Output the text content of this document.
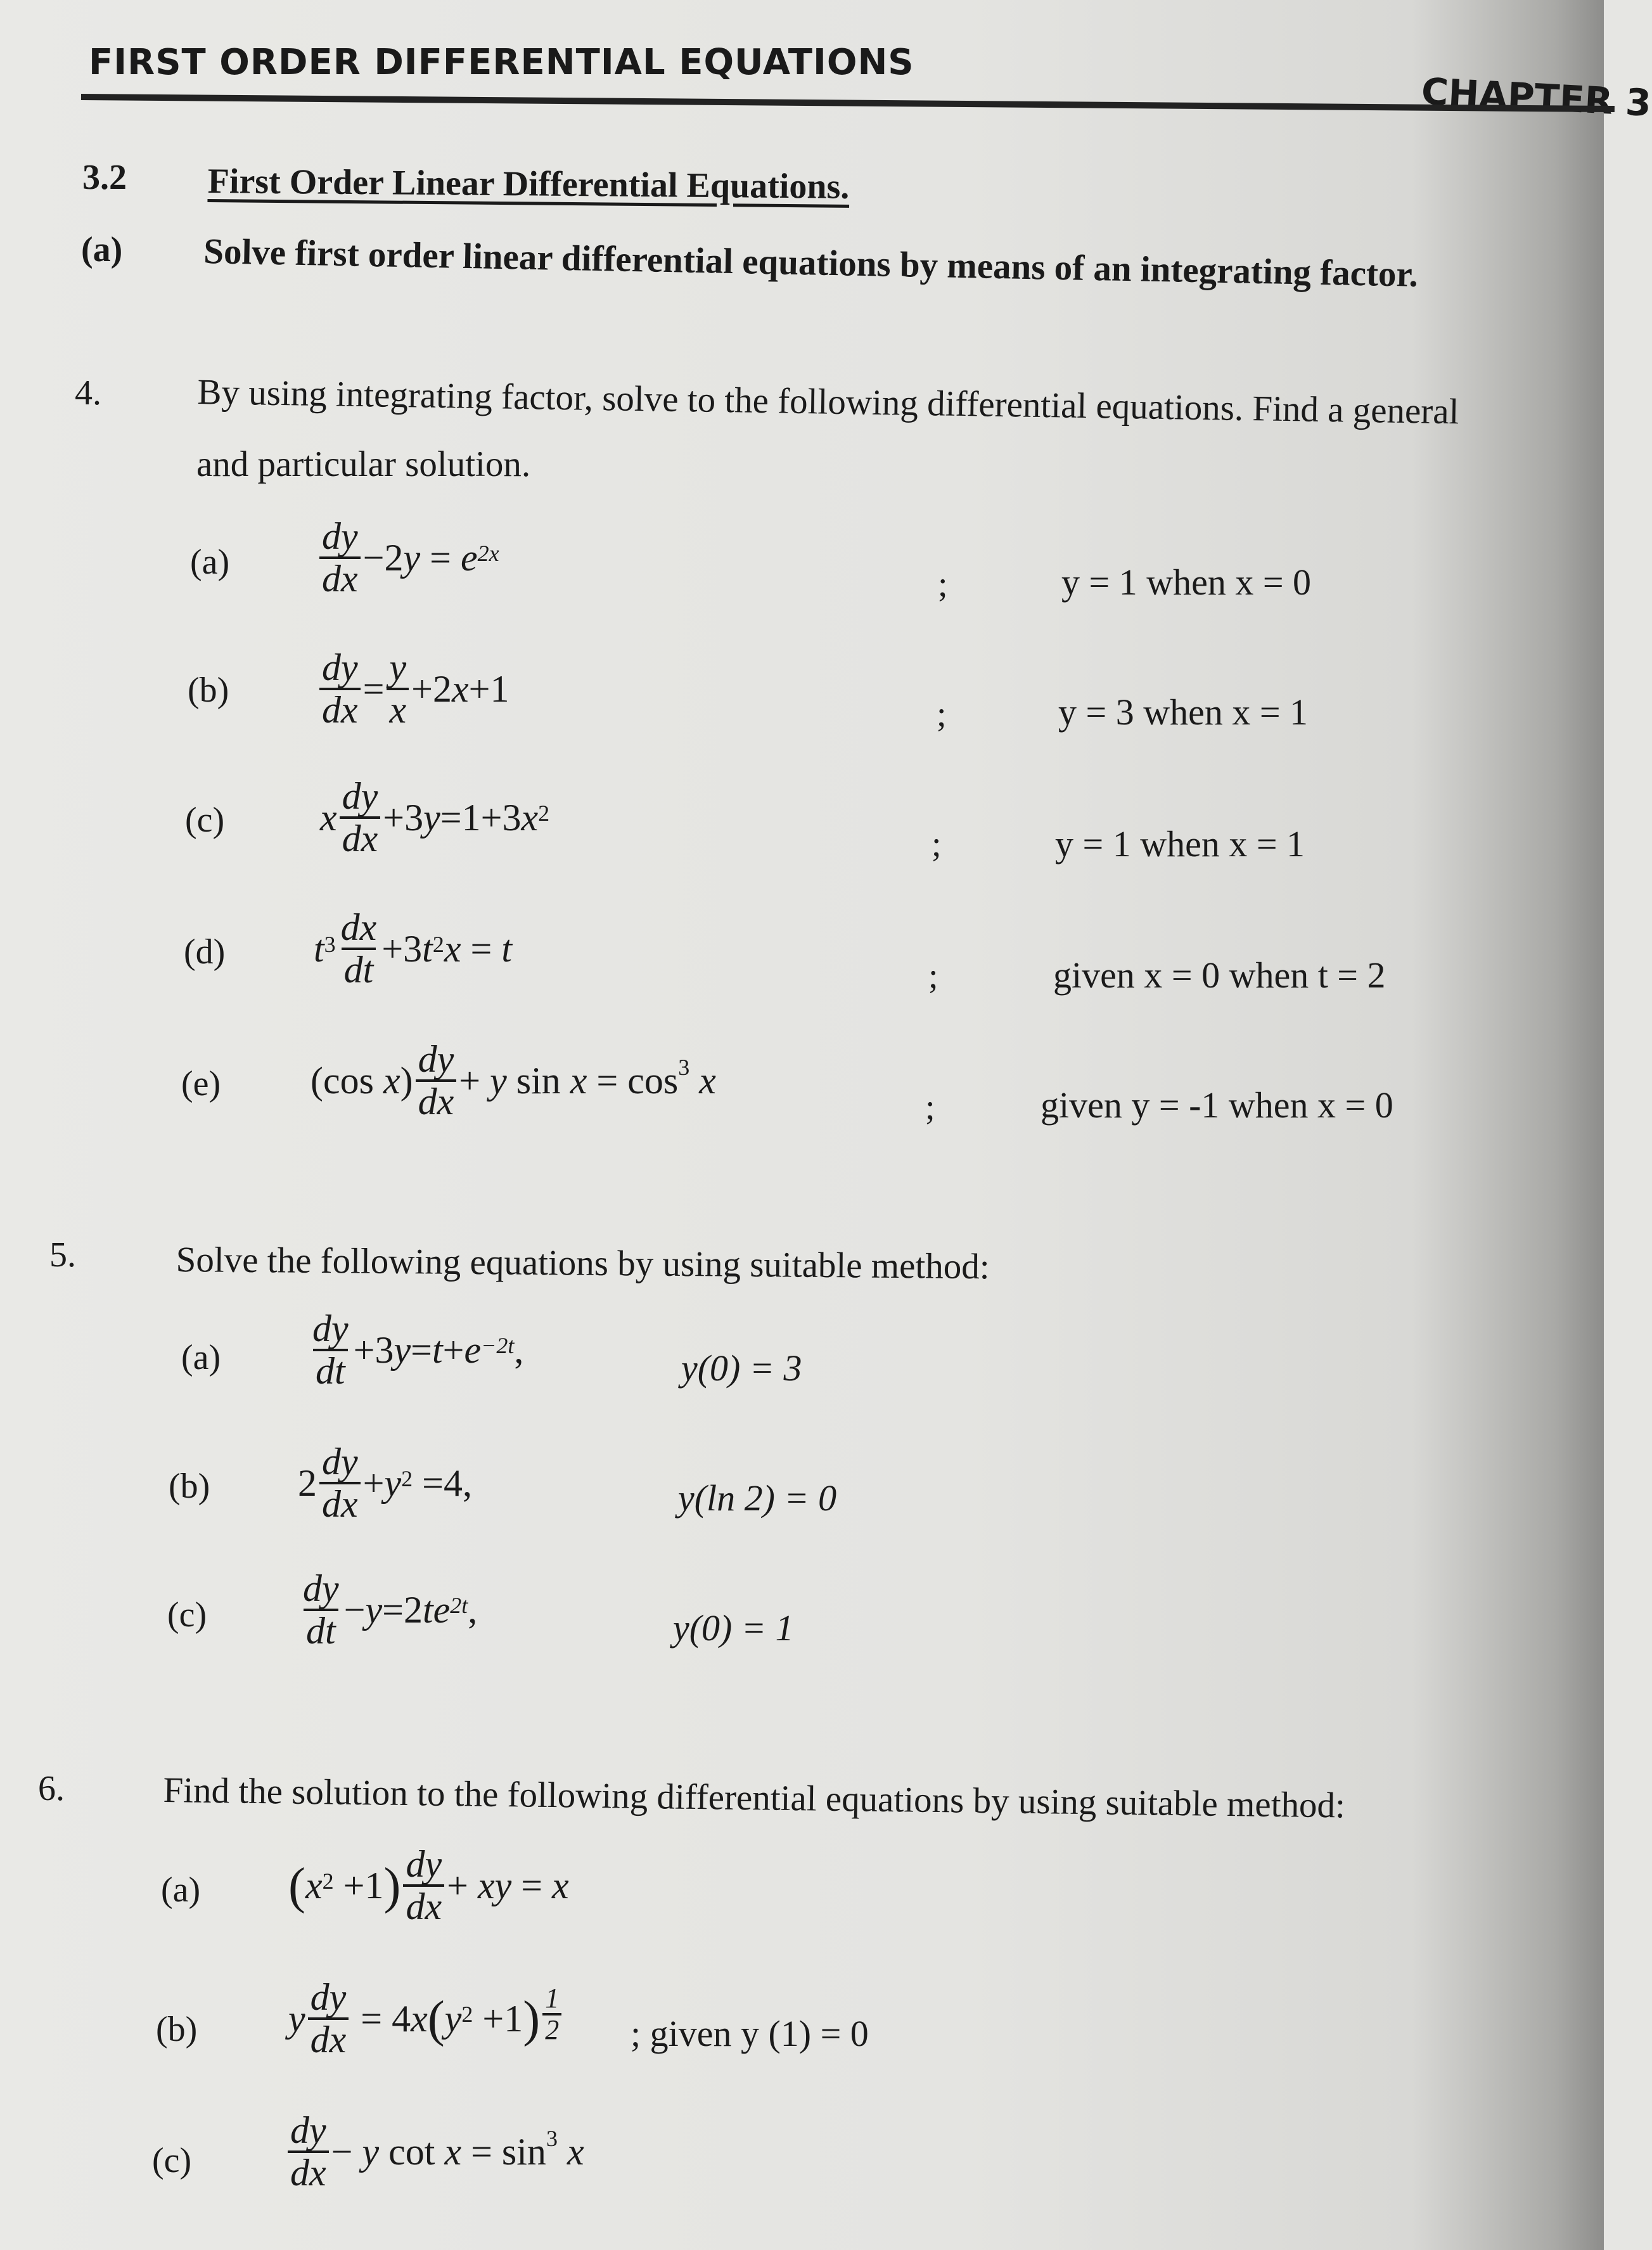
FIRST ORDER DIFFERENTIAL EQUATIONS
CHAPTER 3
3.2 First Order Linear Differential Equations.
(a) Solve first order linear differential equations by means of an integrating factor.
4.	By using integrating factor, solve to the following differential equations. Find a general
and particular solution.
$(a) \frac{dy}{dx} -2$ $y = e^{2x}$
;	y = 1 when x = 0
$(b) \frac{dy}{dx} = \frac{y}{x} +2$ x +1
;	y = 3 when x = 1
(c)	x $\frac{dy}{dx} +3$ y =1+3 $x^2$
;	y = 1 when x = 1
(d) $t^3 \frac{dx}{dt} +3$ $t^2$ x = t
;	given x = 0 when t = 2
(e) (cos x ) $\frac{dy}{dx} + y$ $\sin x = \cos^3 x$
;	given y = -1 when x = 0
5.	Solve the following equations by using suitable method:
$(a) \frac{dy}{dt} +3$ $y = t + e^{-2t}$ ,	y(0) = 3
(b) $2 \frac{dy}{dx} + y^2 =4$,	y(ln 2) = 0
$(c) \frac{dy}{dt} - y =2$ $te^{2t}$ ,	y(0) = 1
6.	Find the solution to the following differential equations by using suitable method:
(a) ( $x^2 +1$ ) $\frac{dy}{dx}$ + xy = x
(b) y $\frac{dy}{dx} = 4$ x ( $y^2 +1$ ) $^{\frac{1}{2}}$ ; given y (1) = 0
(c)	$\frac{dy}{dx} - y$ $\cot x = \sin^3 x$
